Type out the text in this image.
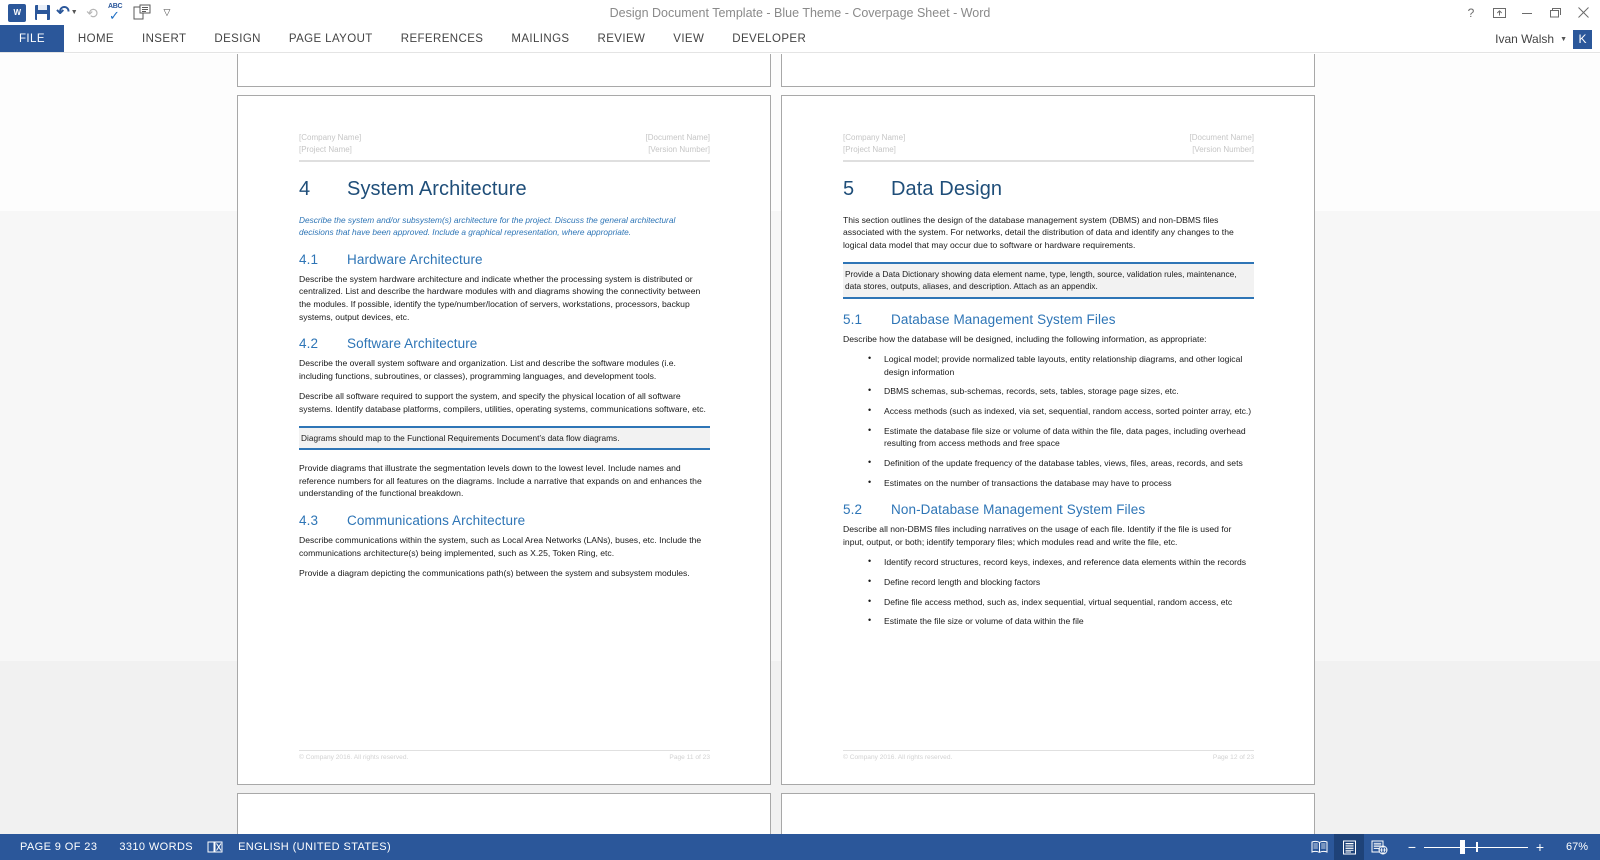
W	↶ ▼ ⟲ ABC
✓	▽	Design Document Template - Blue Theme - Coverpage Sheet - Word	?
FILE	HOME	INSERT	DESIGN	PAGE LAYOUT	REFERENCES	MAILINGS	REVIEW	VIEW	DEVELOPER	Ivan Walsh ▼ K
[Company Name]
[Project Name]
[Document Name]
[Version Number]
4	System Architecture

Describe the system and/or subsystem(s) architecture for the project. Discuss the general architectural decisions that have been approved. Include a graphical representation, where appropriate.

4.1	Hardware Architecture

Describe the system hardware architecture and indicate whether the processing system is distributed or centralized. List and describe the hardware modules with and diagrams showing the connectivity between the modules. If possible, identify the type/number/location of servers, workstations, processors, backup systems, output devices, etc.

4.2	Software Architecture

Describe the overall system software and organization. List and describe the software modules (i.e. including functions, subroutines, or classes), programming languages, and development tools.

Describe all software required to support the system, and specify the physical location of all software systems. Identify database platforms, compilers, utilities, operating systems, communications software, etc.

Diagrams should map to the Functional Requirements Document’s data flow diagrams.

Provide diagrams that illustrate the segmentation levels down to the lowest level. Include names and reference numbers for all features on the diagrams. Include a narrative that expands on and enhances the understanding of the functional breakdown.

4.3	Communications Architecture

Describe communications within the system, such as Local Area Networks (LANs), buses, etc. Include the communications architecture(s) being implemented, such as X.25, Token Ring, etc.

Provide a diagram depicting the communications path(s) between the system and subsystem modules.

© Company 2016. All rights reserved.	Page 11 of 23
[Company Name]
[Project Name]
[Document Name]
[Version Number]
5	Data Design

This section outlines the design of the database management system (DBMS) and non-DBMS files associated with the system. For networks, detail the distribution of data and identify any changes to the logical data model that may occur due to software or hardware requirements.

Provide a Data Dictionary showing data element name, type, length, source, validation rules, maintenance, data stores, outputs, aliases, and description. Attach as an appendix.
5.1	Database Management System Files

Describe how the database will be designed, including the following information, as appropriate:

• Logical model; provide normalized table layouts, entity relationship diagrams, and other logical design information
• DBMS schemas, sub-schemas, records, sets, tables, storage page sizes, etc.
• Access methods (such as indexed, via set, sequential, random access, sorted pointer array, etc.)
• Estimate the database file size or volume of data within the file, data pages, including overhead resulting from access methods and free space
• Definition of the update frequency of the database tables, views, files, areas, records, and sets
• Estimates on the number of transactions the database may have to process
5.2	Non-Database Management System Files

Describe all non-DBMS files including narratives on the usage of each file. Identify if the file is used for input, output, or both; identify temporary files; which modules read and write the file, etc.

• Identify record structures, record keys, indexes, and reference data elements within the records
• Define record length and blocking factors
• Define file access method, such as, index sequential, virtual sequential, random access, etc
• Estimate the file size or volume of data within the file
© Company 2016. All rights reserved.	Page 12 of 23
PAGE 9 OF 23	3310 WORDS	ENGLISH (UNITED STATES)	−	+	67%
